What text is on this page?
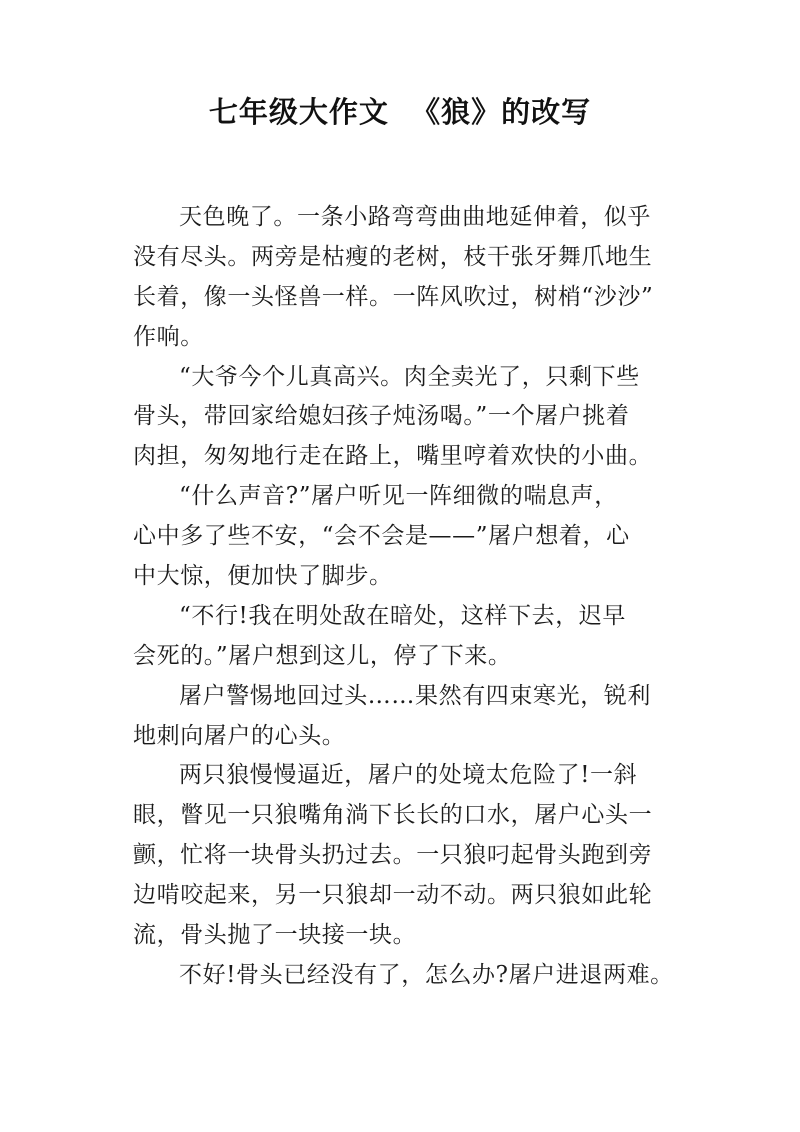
七年级大作文  《狼》的改写
天色晚了。一条小路弯弯曲曲地延伸着，似乎
没有尽头。两旁是枯瘦的老树，枝干张牙舞爪地生
长着，像一头怪兽一样。一阵风吹过，树梢“沙沙”
作响。
“大爷今个儿真高兴。肉全卖光了，只剩下些
骨头，带回家给媳妇孩子炖汤喝。”一个屠户挑着
肉担，匆匆地行走在路上，嘴里哼着欢快的小曲。
“什么声音?”屠户听见一阵细微的喘息声，
心中多了些不安，“会不会是——”屠户想着，心
中大惊，便加快了脚步。
“不行!我在明处敌在暗处，这样下去，迟早
会死的。”屠户想到这儿，停了下来。
屠户警惕地回过头……果然有四束寒光，锐利
地刺向屠户的心头。
两只狼慢慢逼近，屠户的处境太危险了!一斜
眼，瞥见一只狼嘴角淌下长长的口水，屠户心头一
颤，忙将一块骨头扔过去。一只狼叼起骨头跑到旁
边啃咬起来，另一只狼却一动不动。两只狼如此轮
流，骨头抛了一块接一块。
不好!骨头已经没有了，怎么办?屠户进退两难。
